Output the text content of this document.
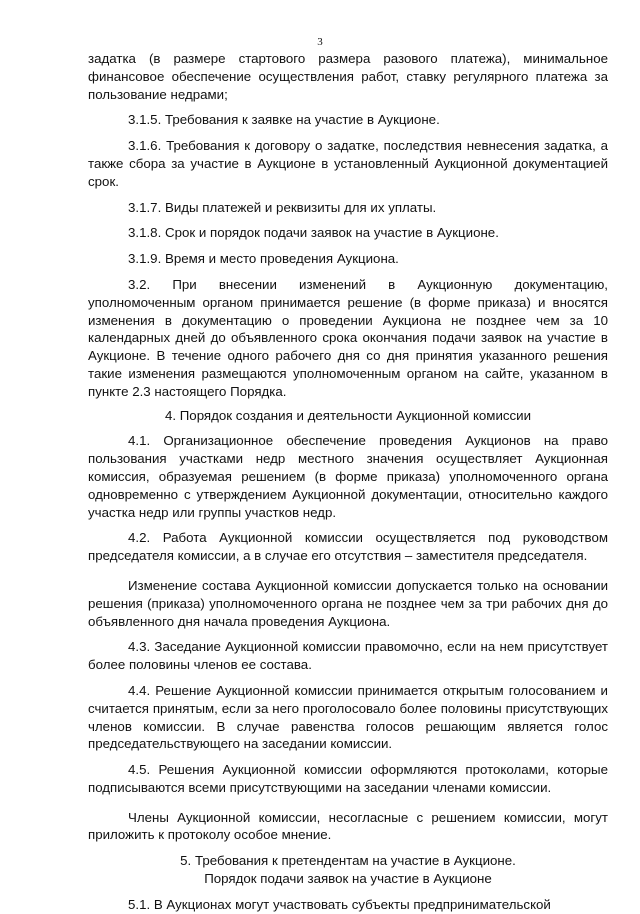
3

задатка (в размере стартового размера разового платежа), минимальное финансовое обеспечение осуществления работ, ставку регулярного платежа за пользование недрами;

3.1.5. Требования к заявке на участие в Аукционе.

3.1.6. Требования к договору о задатке, последствия невнесения задатка, а также сбора за участие в Аукционе в установленный Аукционной документацией срок.

3.1.7. Виды платежей и реквизиты для их уплаты.

3.1.8. Срок и порядок подачи заявок на участие в Аукционе.

3.1.9. Время и место проведения Аукциона.

3.2. При внесении изменений в Аукционную документацию, уполномоченным органом принимается решение (в форме приказа) и вносятся изменения в документацию о проведении Аукциона не позднее чем за 10 календарных дней до объявленного срока окончания подачи заявок на участие в Аукционе. В течение одного рабочего дня со дня принятия указанного решения такие изменения размещаются уполномоченным органом на сайте, указанном в пункте 2.3 настоящего Порядка.

4. Порядок создания и деятельности Аукционной комиссии

4.1. Организационное обеспечение проведения Аукционов на право пользования участками недр местного значения осуществляет Аукционная комиссия, образуемая решением (в форме приказа) уполномоченного органа одновременно с утверждением Аукционной документации, относительно каждого участка недр или группы участков недр.

4.2. Работа Аукционной комиссии осуществляется под руководством председателя комиссии, а в случае его отсутствия – заместителя председателя.

Изменение состава Аукционной комиссии допускается только на основании решения (приказа) уполномоченного органа не позднее чем за три рабочих дня до объявленного дня начала проведения Аукциона.

4.3. Заседание Аукционной комиссии правомочно, если на нем присутствует более половины членов ее состава.

4.4. Решение Аукционной комиссии принимается открытым голосованием и считается принятым, если за него проголосовало более половины присутствующих членов комиссии. В случае равенства голосов решающим является голос председательствующего на заседании комиссии.

4.5. Решения Аукционной комиссии оформляются протоколами, которые подписываются всеми присутствующими на заседании членами комиссии.

Члены Аукционной комиссии, несогласные с решением комиссии, могут приложить к протоколу особое мнение.

5. Требования к претендентам на участие в Аукционе.

Порядок подачи заявок на участие в Аукционе

5.1. В Аукционах могут участвовать субъекты предпринимательской
